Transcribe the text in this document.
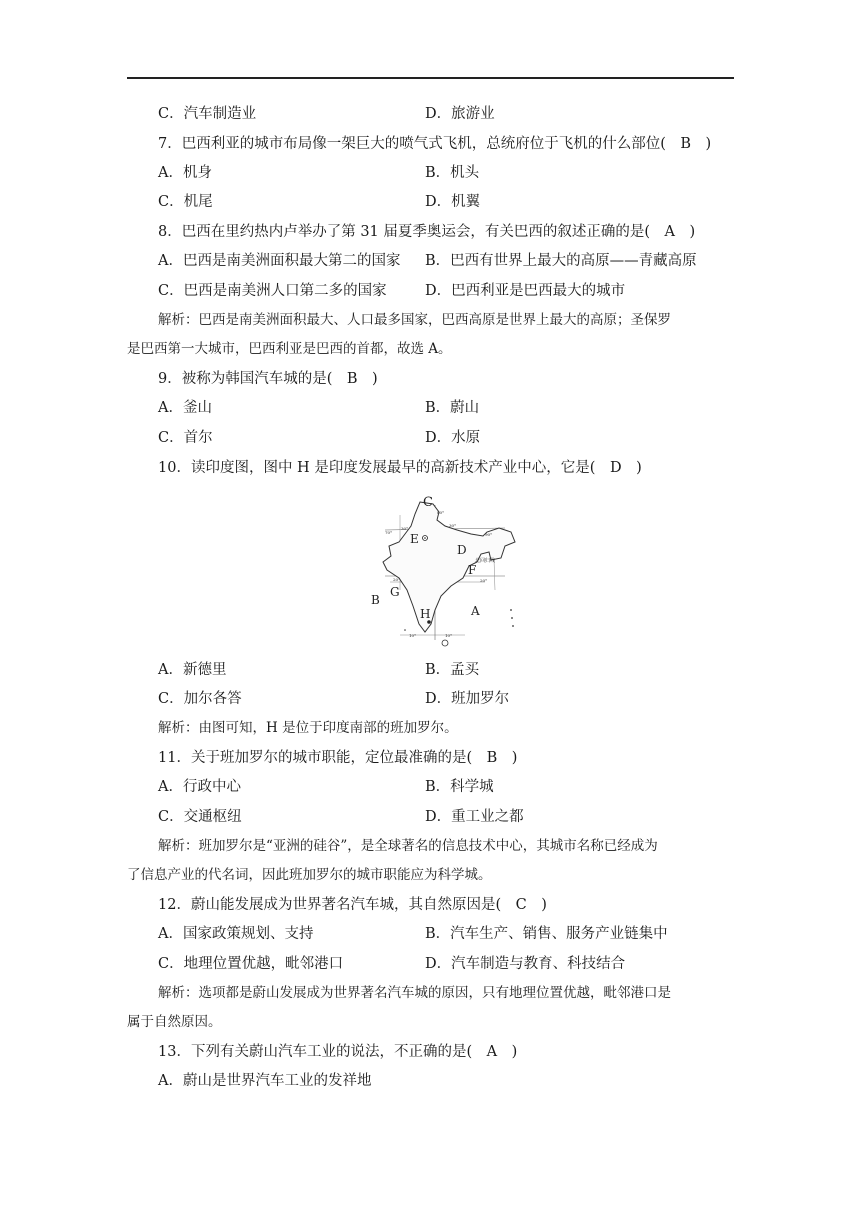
C．汽车制造业	D．旅游业
7．巴西利亚的城市布局像一架巨大的喷气式飞机，总统府位于飞机的什么部位(　B　)
A．机身	B．机头
C．机尾	D．机翼
8．巴西在里约热内卢举办了第 31 届夏季奥运会，有关巴西的叙述正确的是(　A　)
A．巴西是南美洲面积最大第二的国家 B．巴西有世界上最大的高原——青藏高原
C．巴西是南美洲人口第二多的国家	D．巴西利亚是巴西最大的城市
解析：巴西是南美洲面积最大、人口最多国家，巴西高原是世界上最大的高原；圣保罗
是巴西第一大城市，巴西利亚是巴西的首都，故选 A。
9．被称为韩国汽车城的是(　B　)
A．釜山	B．蔚山
C．首尔	D．水原
10．读印度图，图中 H 是印度发展最早的高新技术产业中心，它是(　D　)
C
E
D
F
G
B
H	A
80°
30°
30°
70°	90°
20°	20°
10°	10°
北回归线
A．新德里	B．孟买
C．加尔各答	D．班加罗尔
解析：由图可知，H 是位于印度南部的班加罗尔。
11．关于班加罗尔的城市职能，定位最准确的是(　B　)
A．行政中心	B．科学城
C．交通枢纽	D．重工业之都
解析：班加罗尔是“亚洲的硅谷”，是全球著名的信息技术中心，其城市名称已经成为
了信息产业的代名词，因此班加罗尔的城市职能应为科学城。
12．蔚山能发展成为世界著名汽车城，其自然原因是(　C　)
A．国家政策规划、支持	B．汽车生产、销售、服务产业链集中
C．地理位置优越，毗邻港口	D．汽车制造与教育、科技结合
解析：选项都是蔚山发展成为世界著名汽车城的原因，只有地理位置优越，毗邻港口是
属于自然原因。
13．下列有关蔚山汽车工业的说法，不正确的是(　A　)
A．蔚山是世界汽车工业的发祥地
